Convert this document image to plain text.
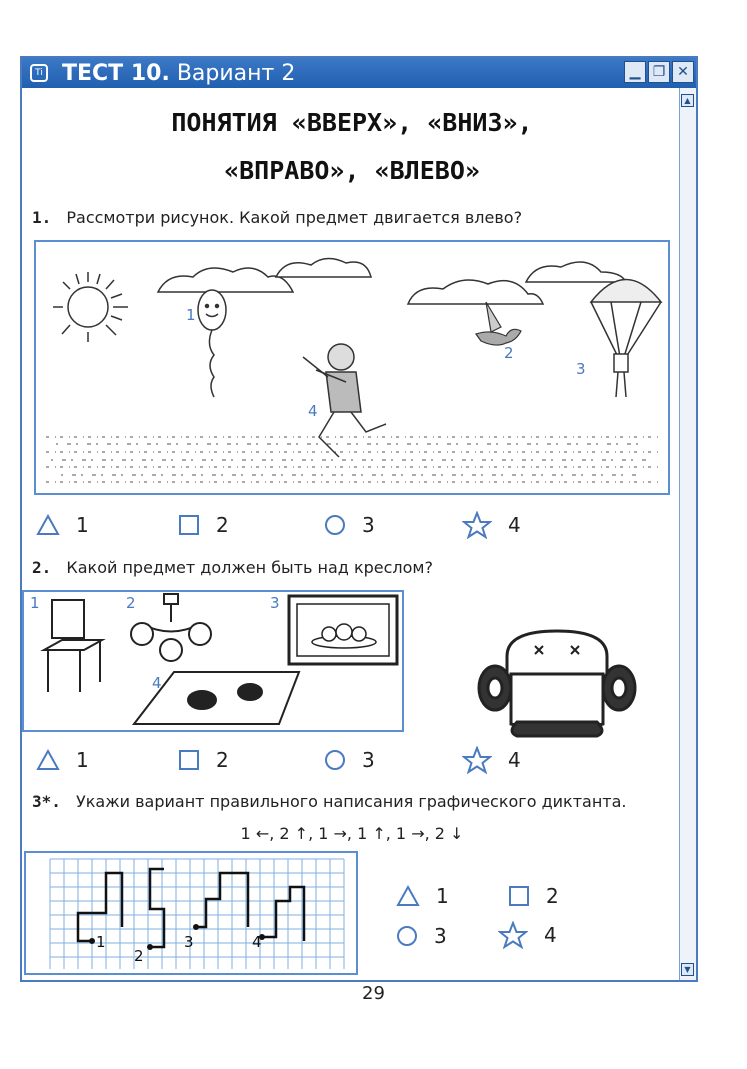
Ti ТЕСТ 10. Вариант 2	▁ ❐ ✕
▲
▼
ПОНЯТИЯ «ВВЕРХ», «ВНИЗ»,
«ВПРАВО», «ВЛЕВО»
1. Рассмотри рисунок. Какой предмет двигается влево?
1
2
3
4
1	2	3	4
2. Какой предмет должен быть над креслом?
1	2
4
3
1	2	3	4
3*. Укажи вариант правильного написания графического диктанта.
1 ←, 2 ↑, 1 →, 1 ↑, 1 →, 2 ↓
1
2
3	4
1	2
3	4
29
